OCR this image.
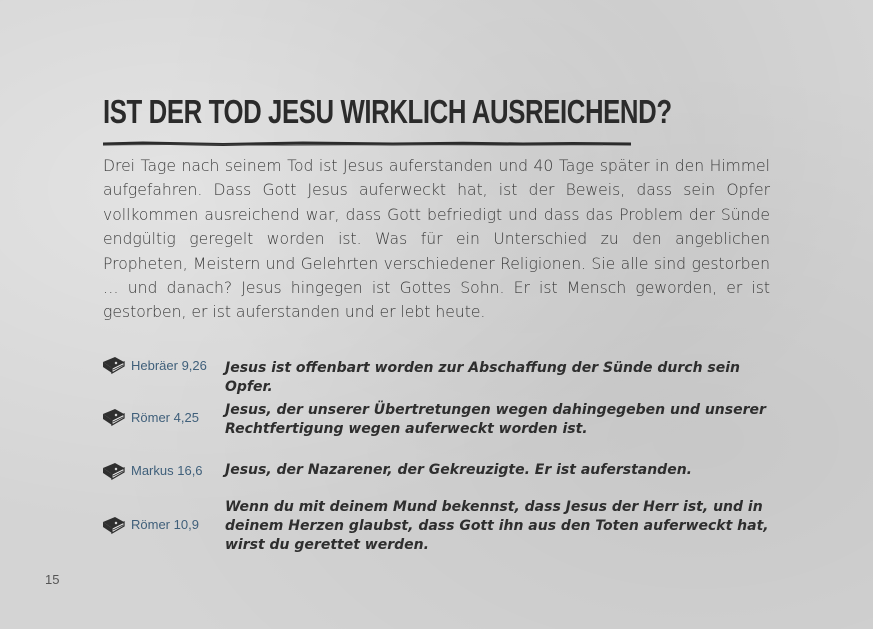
IST DER TOD JESU WIRKLICH AUSREICHEND?

Drei Tage nach seinem Tod ist Jesus auferstanden und 40 Tage später in den Himmel aufgefahren. Dass Gott Jesus auferweckt hat, ist der Beweis, dass sein Opfer vollkommen ausreichend war, dass Gott befriedigt und dass das Problem der Sünde endgültig geregelt worden ist. Was für ein Unterschied zu den angeblichen Propheten, Meistern und Gelehrten verschiedener Religionen. Sie alle sind gestorben … und danach? Jesus hingegen ist Gottes Sohn. Er ist Mensch geworden, er ist gestorben, er ist auferstanden und er lebt heute.

Hebräer 9,26 Jesus ist offenbart worden zur Abschaffung der Sünde durch sein Opfer.
Römer 4,25 Jesus, der unserer Übertretungen wegen dahingegeben und unserer Rechtfertigung wegen auferweckt worden ist.
Markus 16,6 Jesus, der Nazarener, der Gekreuzigte. Er ist auferstanden.
Römer 10,9
Wenn du mit deinem Mund bekennst, dass Jesus der Herr ist, und in deinem Herzen glaubst, dass Gott ihn aus den Toten auferweckt hat, wirst du gerettet werden.
15
